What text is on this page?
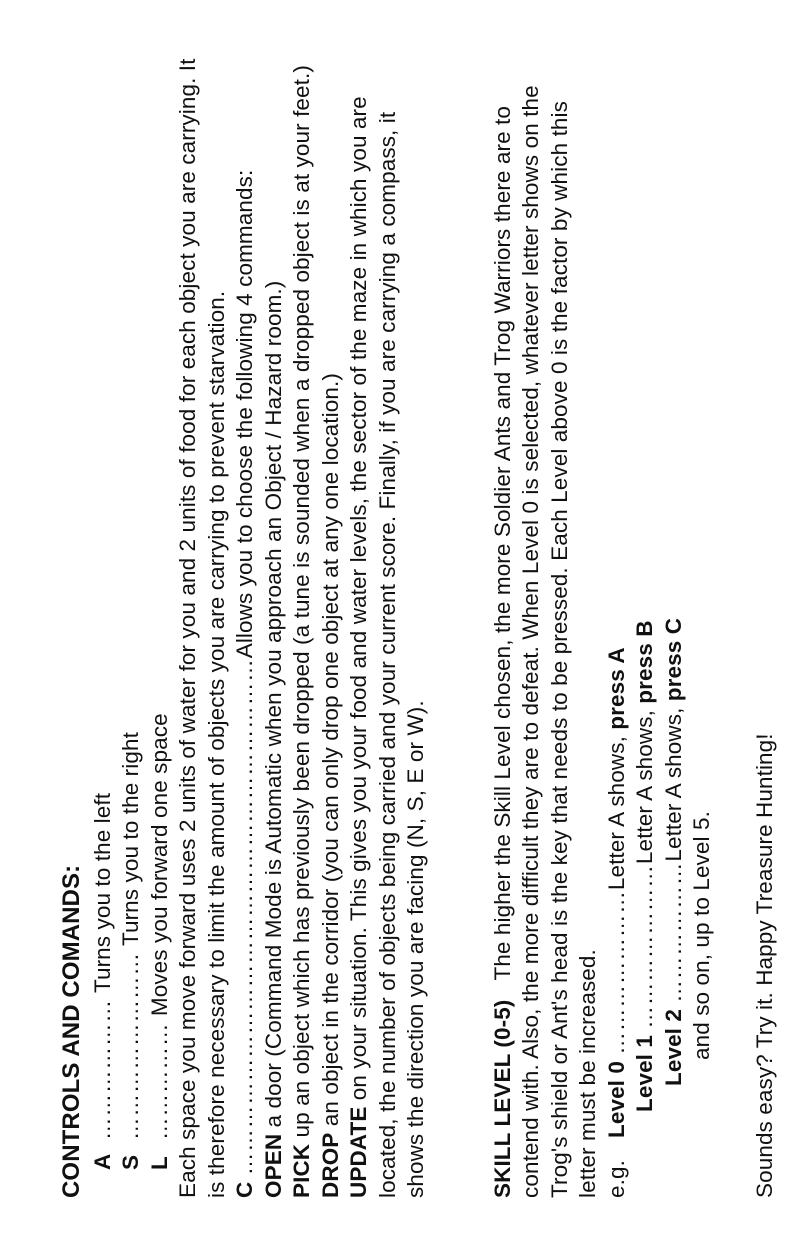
CONTROLS AND COMANDS: A……………… Turns you to the left
S…………………… Turns you to the right
L…………… Moves you forward one space Each space you move forward uses 2 units of water for you and 2 units of food for each object you are carrying. It is therefore necessary to limit the amount of objects you are carrying to prevent starvation. C …………………………………………………………Allows you to choose the following 4 commands:

OPEN a door (Command Mode is Automatic when you approach an Object / Hazard room.)

PICK up an object which has previously been dropped (a tune is sounded when a dropped object is at your feet.)

DROP an object in the corridor (you can only drop one object at any one location.)

UPDATE on your situation. This gives you your food and water levels, the sector of the maze in which you are located, the number of objects being carried and your current score. Finally, if you are carrying a compass, it shows the direction you are facing (N, S, E or W).	SKILL LEVEL (0-5)   The higher the Skill Level chosen, the more Soldier Ants and Trog Warriors there are to contend with. Also, the more difficult they are to defeat. When Level 0 is selected, whatever letter shows on the Trog's shield or Ant's head is the key that needs to be pressed. Each Level above 0 is the factor by which this letter must be increased. e.g.Level 0 …………………Letter A shows, press A
Level 1 …………………Letter A shows, press B
Level 2 ………………Letter A shows, press C
and so on, up to Level 5. Sounds easy? Try it. Happy Treasure Hunting!
